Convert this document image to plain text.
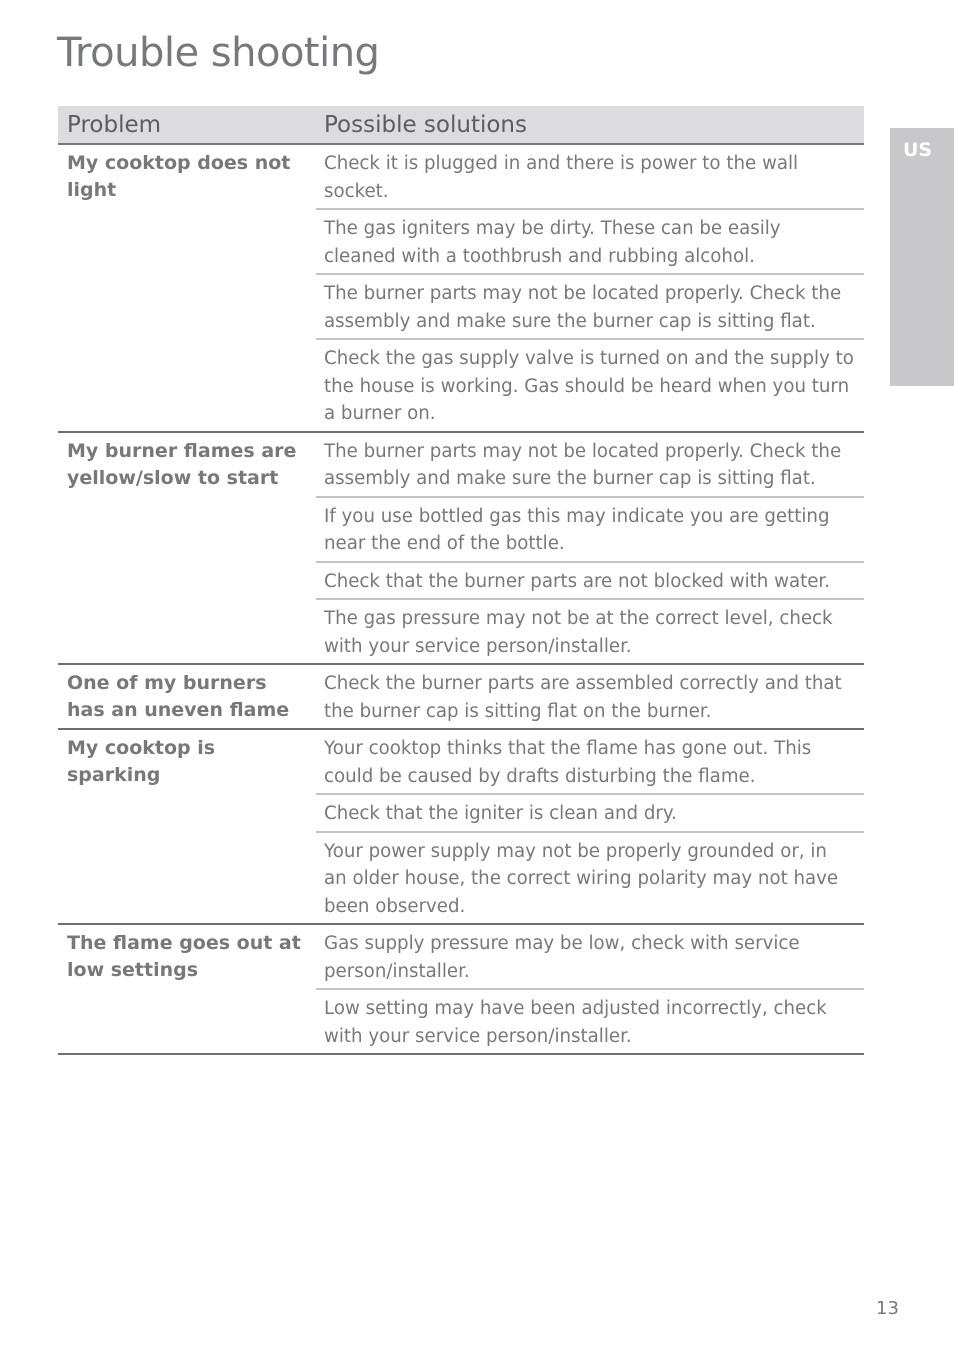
Trouble shooting
US
Problem	Possible solutions
My cooktop does not light
Check it is plugged in and there is power to the wall socket.
The gas igniters may be dirty. These can be easily cleaned with a toothbrush and rubbing alcohol.
The burner parts may not be located properly. Check the assembly and make sure the burner cap is sitting flat.
Check the gas supply valve is turned on and the supply to the house is working. Gas should be heard when you turn a burner on.
My burner flames are yellow/slow to start
The burner parts may not be located properly. Check the assembly and make sure the burner cap is sitting flat.
If you use bottled gas this may indicate you are getting near the end of the bottle.
Check that the burner parts are not blocked with water.
The gas pressure may not be at the correct level, check with your service person/installer.
One of my burners has an uneven flame
Check the burner parts are assembled correctly and that the burner cap is sitting flat on the burner.
My cooktop is sparking
Your cooktop thinks that the flame has gone out. This could be caused by drafts disturbing the flame.
Check that the igniter is clean and dry.
Your power supply may not be properly grounded or, in an older house, the correct wiring polarity may not have been observed.
The flame goes out at low settings
Gas supply pressure may be low, check with service person/installer.
Low setting may have been adjusted incorrectly, check with your service person/installer.
13
